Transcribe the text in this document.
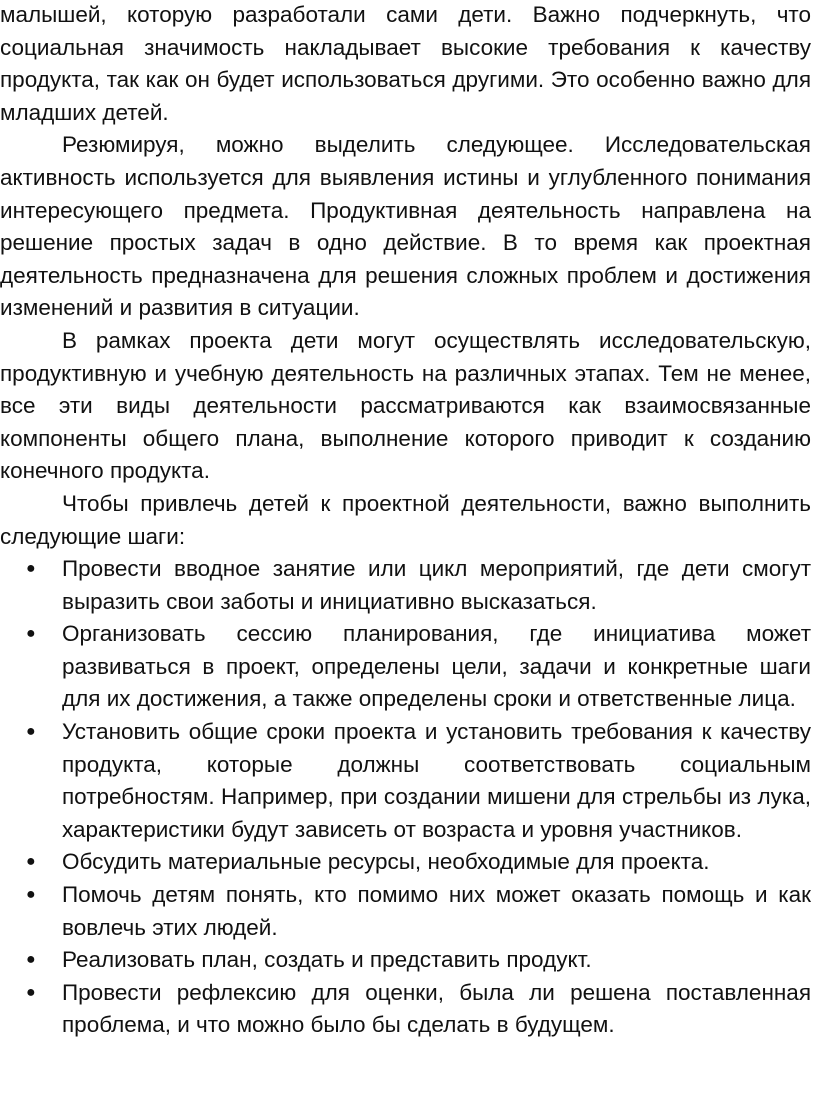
малышей, которую разработали сами дети. Важно подчеркнуть, что социальная значимость накладывает высокие требования к качеству продукта, так как он будет использоваться другими. Это особенно важно для младших детей.

Резюмируя, можно выделить следующее. Исследовательская активность используется для выявления истины и углубленного понимания интересующего предмета. Продуктивная деятельность направлена на решение простых задач в одно действие. В то время как проектная деятельность предназначена для решения сложных проблем и достижения изменений и развития в ситуации.

В рамках проекта дети могут осуществлять исследовательскую, продуктивную и учебную деятельность на различных этапах. Тем не менее, все эти виды деятельности рассматриваются как взаимосвязанные компоненты общего плана, выполнение которого приводит к созданию конечного продукта.

Чтобы привлечь детей к проектной деятельности, важно выполнить следующие шаги:

● Провести вводное занятие или цикл мероприятий, где дети смогут выразить свои заботы и инициативно высказаться.
● Организовать сессию планирования, где инициатива может развиваться в проект, определены цели, задачи и конкретные шаги для их достижения, а также определены сроки и ответственные лица.
● Установить общие сроки проекта и установить требования к качеству продукта, которые должны соответствовать социальным потребностям. Например, при создании мишени для стрельбы из лука, характеристики будут зависеть от возраста и уровня участников.
● Обсудить материальные ресурсы, необходимые для проекта.
● Помочь детям понять, кто помимо них может оказать помощь и как вовлечь этих людей.
● Реализовать план, создать и представить продукт.
● Провести рефлексию для оценки, была ли решена поставленная проблема, и что можно было бы сделать в будущем.
